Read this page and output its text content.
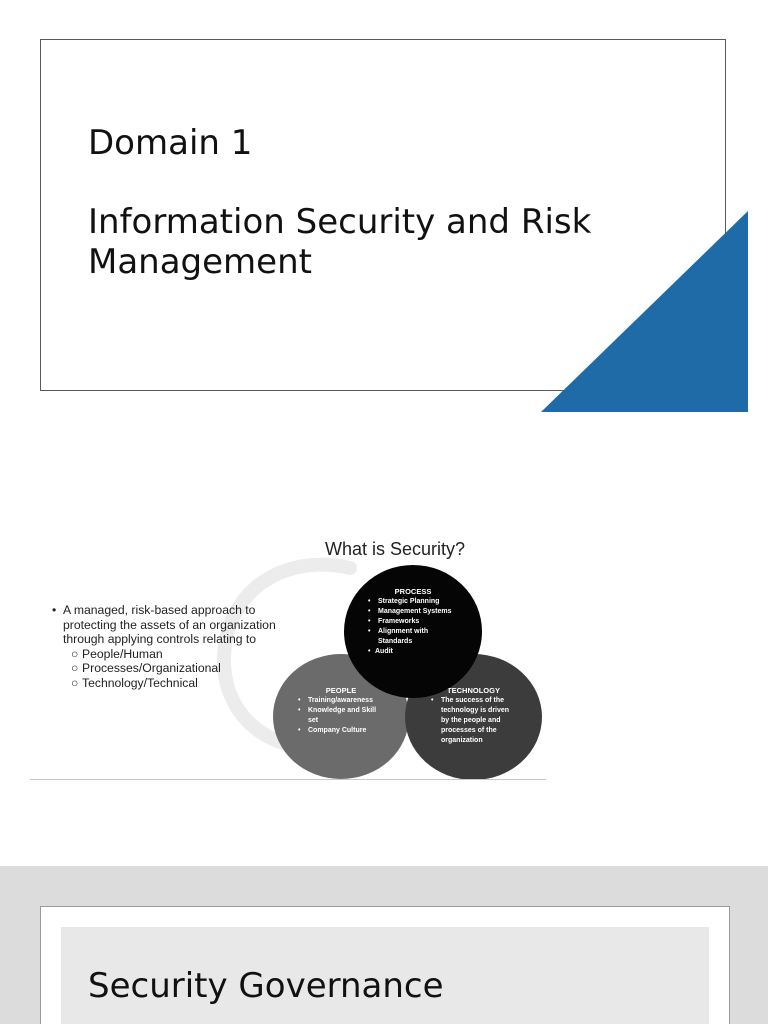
Domain 1
Information Security and Risk Management
What is Security?
• A managed, risk-based approach to protecting the assets of an organization through applying controls relating to
○ People/Human
○ Processes/Organizational
○ Technology/Technical
PEOPLE
• Training/awareness
• Knowledge and Skill set
• Company Culture
TECHNOLOGY
• The success of the technology is driven by the people and processes of the organization
PROCESS
• Strategic Planning
• Management Systems
• Frameworks
• Alignment with Standards
• Audit
Security Governance
